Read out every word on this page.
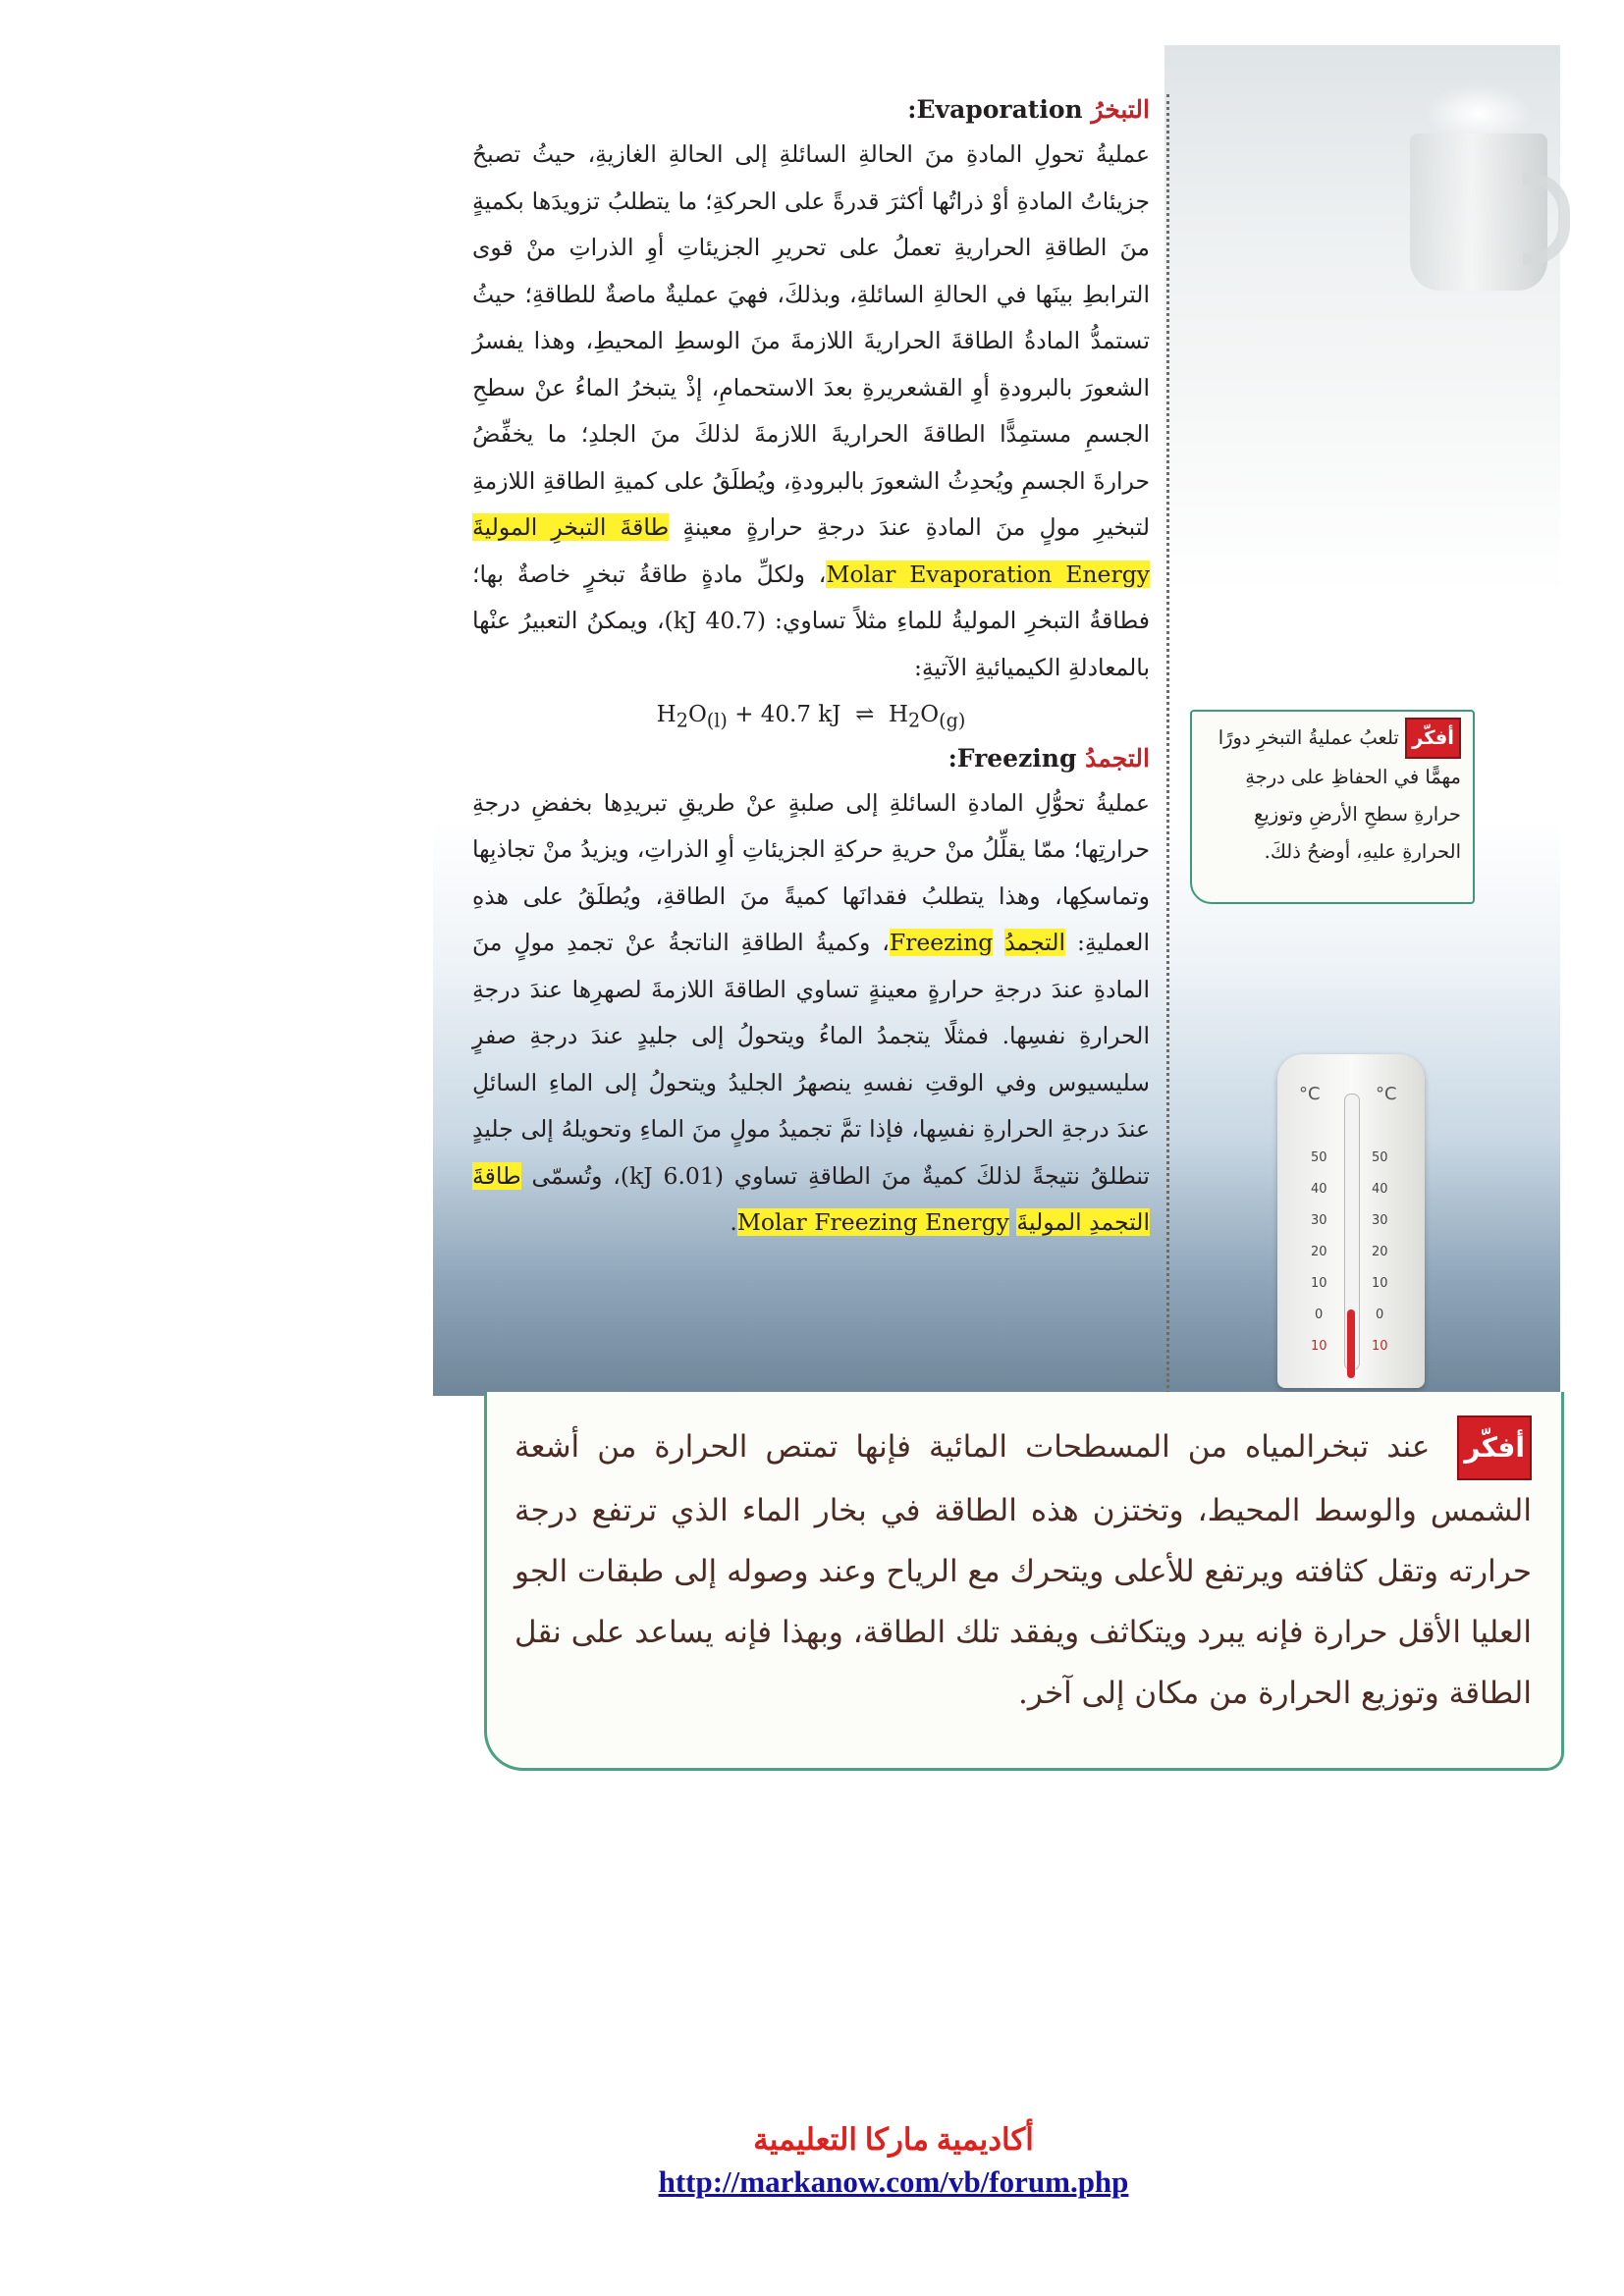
°C	°C
50
40
30
20
10
0
10
50
40
30
20
10
0
10
التبخرُ Evaporation:

عمليةُ تحولِ المادةِ منَ الحالةِ السائلةِ إلى الحالةِ الغازيةِ، حيثُ تصبحُ جزيئاتُ المادةِ أوْ ذراتُها أكثرَ قدرةً على الحركةِ؛ ما يتطلبُ تزويدَها بكميةٍ منَ الطاقةِ الحراريةِ تعملُ على تحريرِ الجزيئاتِ أوِ الذراتِ منْ قوى الترابطِ بينَها في الحالةِ السائلةِ، وبذلكَ، فهيَ عمليةٌ ماصةٌ للطاقةِ؛ حيثُ تستمدُّ المادةُ الطاقةَ الحراريةَ اللازمةَ منَ الوسطِ المحيطِ، وهذا يفسرُ الشعورَ بالبرودةِ أوِ القشعريرةِ بعدَ الاستحمامِ، إذْ يتبخرُ الماءُ عنْ سطحِ الجسمِ مستمِدًّا الطاقةَ الحراريةَ اللازمةَ لذلكَ منَ الجلدِ؛ ما يخفِّضُ حرارةَ الجسمِ ويُحدِثُ الشعورَ بالبرودةِ، ويُطلَقُ على كميةِ الطاقةِ اللازمةِ لتبخيرِ مولٍ منَ المادةِ عندَ درجةِ حرارةٍ معينةٍ طاقةَ التبخرِ الموليةَ Molar Evaporation Energy، ولكلِّ مادةٍ طاقةُ تبخرٍ خاصةٌ بها؛ فطاقةُ التبخرِ الموليةُ للماءِ مثلاً تساوي: (40.7 kJ)، ويمكنُ التعبيرُ عنْها بالمعادلةِ الكيميائيةِ الآتيةِ:

$H_2O_{(l)} + 40.7$ kJ ⇌ $H_2O_{(g)}$
التجمدُ Freezing:

عمليةُ تحوُّلِ المادةِ السائلةِ إلى صلبةٍ عنْ طريقِ تبريدِها بخفضِ درجةِ حرارتِها؛ ممّا يقلِّلُ منْ حريةِ حركةِ الجزيئاتِ أوِ الذراتِ، ويزيدُ منْ تجاذبِها وتماسكِها، وهذا يتطلبُ فقدانَها كميةً منَ الطاقةِ، ويُطلَقُ على هذهِ العمليةِ: التجمدُ Freezing، وكميةُ الطاقةِ الناتجةُ عنْ تجمدِ مولٍ منَ المادةِ عندَ درجةِ حرارةٍ معينةٍ تساوي الطاقةَ اللازمةَ لصهرِها عندَ درجةِ الحرارةِ نفسِها. فمثلًا يتجمدُ الماءُ ويتحولُ إلى جليدٍ عندَ درجةِ صفرٍ سليسيوس وفي الوقتِ نفسهِ ينصهرُ الجليدُ ويتحولُ إلى الماءِ السائلِ عندَ درجةِ الحرارةِ نفسِها، فإذا تمَّ تجميدُ مولٍ منَ الماءِ وتحويلهُ إلى جليدٍ تنطلقُ نتيجةً لذلكَ كميةٌ منَ الطاقةِ تساوي (6.01 kJ)، وتُسمّى طاقةَ التجمدِ الموليةَ Molar Freezing Energy.

أفكّر تلعبُ عمليةُ التبخرِ دورًا مهمًّا في الحفاظِ على درجةِ حرارةِ سطحِ الأرضِ وتوزيعِ الحرارةِ عليهِ، أوضحُ ذلكَ.

أفكّر عند تبخرالمياه من المسطحات المائية فإنها تمتص الحرارة من أشعة الشمس والوسط المحيط، وتختزن هذه الطاقة في بخار الماء الذي ترتفع درجة حرارته وتقل كثافته ويرتفع للأعلى ويتحرك مع الرياح وعند وصوله إلى طبقات الجو العليا الأقل حرارة فإنه يبرد ويتكاثف ويفقد تلك الطاقة، وبهذا فإنه يساعد على نقل الطاقة وتوزيع الحرارة من مكان إلى آخر.

أكاديمية ماركا التعليمية
http://markanow.com/vb/forum.php
